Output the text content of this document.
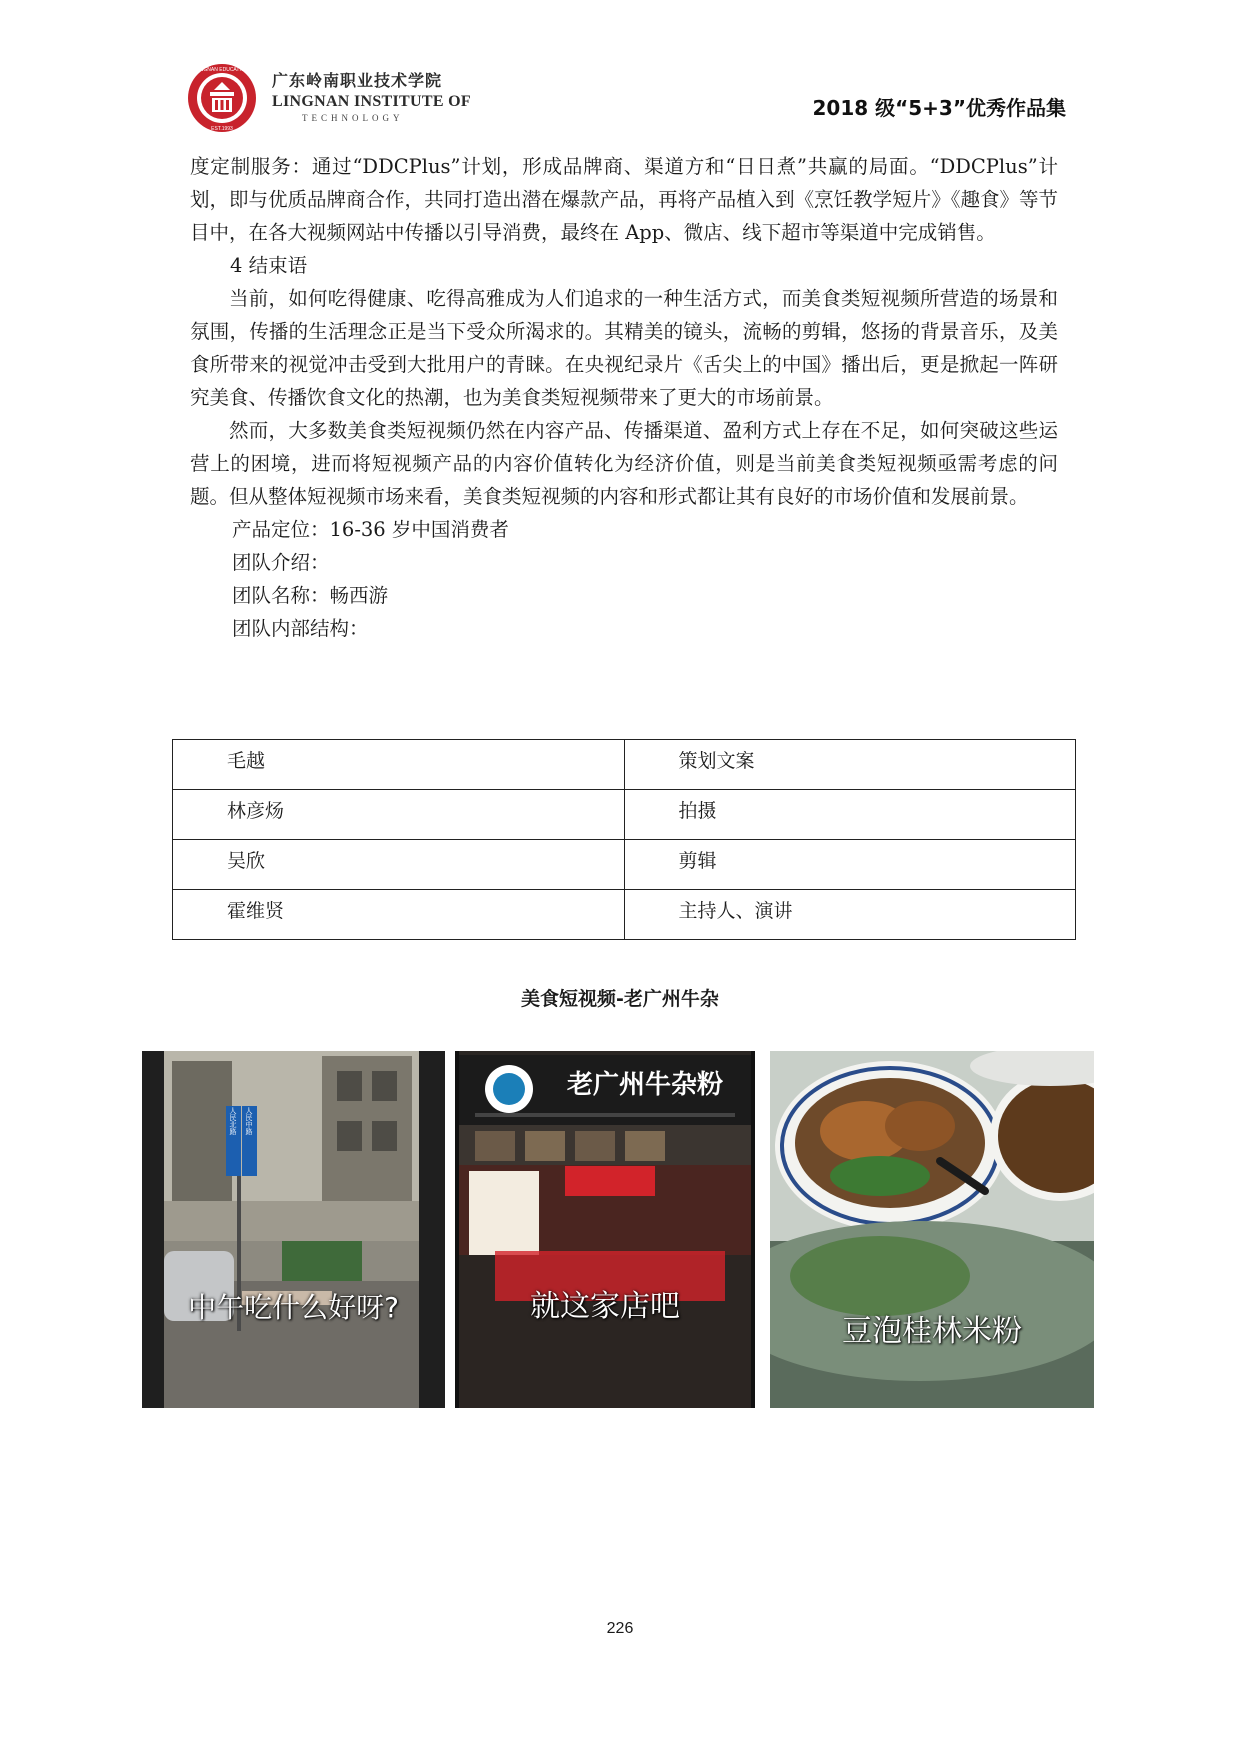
LINGNAN EDUCATION
EST.1993
广东岭南职业技术学院
LINGNAN INSTITUTE OF
TECHNOLOGY	2018 级“5+3”优秀作品集

度定制服务：通过“DDCPlus”计划，形成品牌商、渠道方和“日日煮”共赢的局面。“DDCPlus”计划，即与优质品牌商合作，共同打造出潜在爆款产品，再将产品植入到《烹饪教学短片》《趣食》等节目中，在各大视频网站中传播以引导消费，最终在 App、微店、线下超市等渠道中完成销售。

4 结束语

当前，如何吃得健康、吃得高雅成为人们追求的一种生活方式，而美食类短视频所营造的场景和氛围，传播的生活理念正是当下受众所渴求的。其精美的镜头，流畅的剪辑，悠扬的背景音乐，及美食所带来的视觉冲击受到大批用户的青睐。在央视纪录片《舌尖上的中国》播出后，更是掀起一阵研究美食、传播饮食文化的热潮，也为美食类短视频带来了更大的市场前景。

然而，大多数美食类短视频仍然在内容产品、传播渠道、盈利方式上存在不足，如何突破这些运营上的困境，进而将短视频产品的内容价值转化为经济价值，则是当前美食类短视频亟需考虑的问题。但从整体短视频市场来看，美食类短视频的内容和形式都让其有良好的市场价值和发展前景。

产品定位：16-36 岁中国消费者

团队介绍：

团队名称：畅西游

团队内部结构：

毛越	策划文案
林彦炀	拍摄
吴欣	剪辑
霍维贤	主持人、演讲
美食短视频-老广州牛杂
人民北路 人民中路
中午吃什么好呀?
老广州牛杂粉
就这家店吧
豆泡桂林米粉
226
